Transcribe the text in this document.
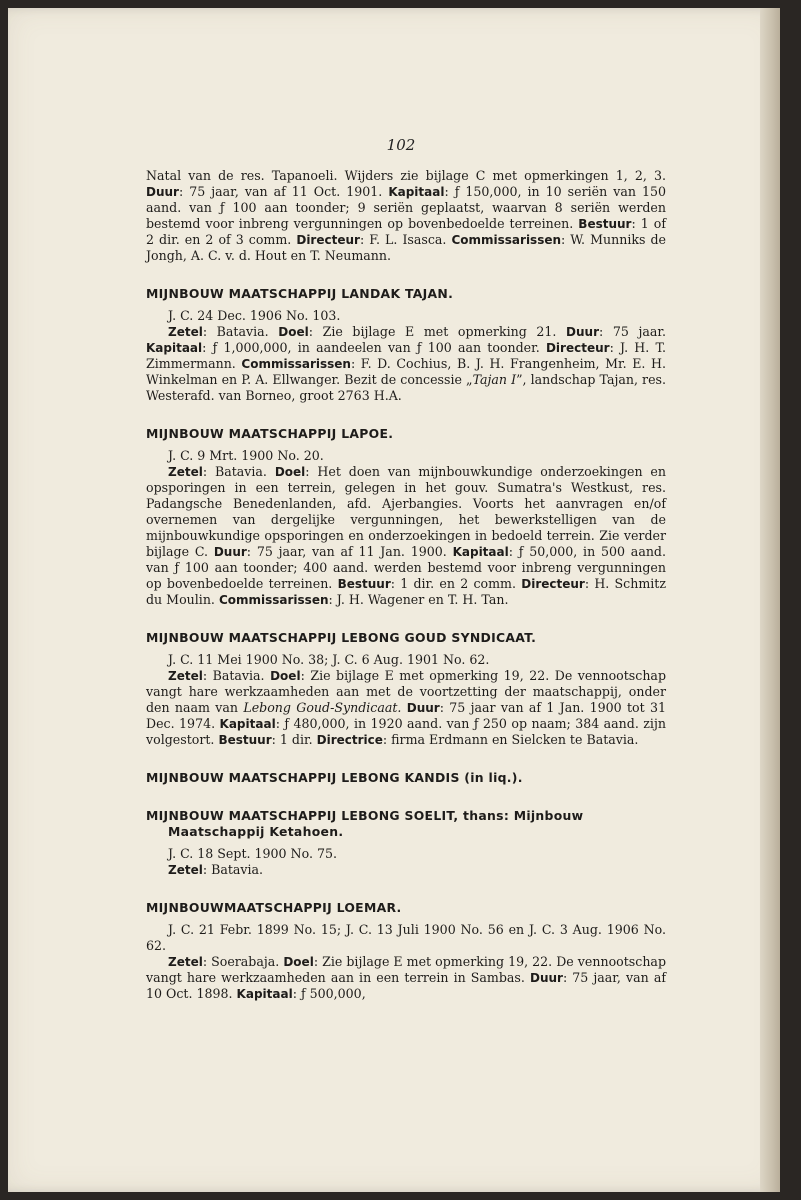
102

Natal van de res. Tapanoeli. Wijders zie bijlage C met opmerkingen 1, 2, 3. Duur: 75 jaar, van af 11 Oct. 1901. Kapitaal: ƒ 150,000, in 10 seriën van 150 aand. van ƒ 100 aan toonder; 9 seriën geplaatst, waarvan 8 seriën werden bestemd voor inbreng vergunningen op bovenbedoelde terreinen. Bestuur: 1 of 2 dir. en 2 of 3 comm. Directeur: F. L. Isasca. Commissarissen: W. Munniks de Jongh, A. C. v. d. Hout en T. Neumann.

MIJNBOUW MAATSCHAPPIJ LANDAK TAJAN.

J. C. 24 Dec. 1906 No. 103.

Zetel: Batavia. Doel: Zie bijlage E met opmerking 21. Duur: 75 jaar. Kapitaal: ƒ 1,000,000, in aandeelen van ƒ 100 aan toonder. Directeur: J. H. T. Zimmermann. Commissarissen: F. D. Cochius, B. J. H. Frangenheim, Mr. E. H. Winkelman en P. A. Ellwanger. Bezit de concessie „Tajan I”, landschap Tajan, res. Westerafd. van Borneo, groot 2763 H.A.

MIJNBOUW MAATSCHAPPIJ LAPOE.

J. C. 9 Mrt. 1900 No. 20.

Zetel: Batavia. Doel: Het doen van mijnbouwkundige onderzoekingen en opsporingen in een terrein, gelegen in het gouv. Sumatra's Westkust, res. Padangsche Benedenlanden, afd. Ajerbangies. Voorts het aanvragen en/of overnemen van dergelijke vergunningen, het bewerkstelligen van de mijnbouwkundige opsporingen en onderzoekingen in bedoeld terrein. Zie verder bijlage C. Duur: 75 jaar, van af 11 Jan. 1900. Kapitaal: ƒ 50,000, in 500 aand. van ƒ 100 aan toonder; 400 aand. werden bestemd voor inbreng vergunningen op bovenbedoelde terreinen. Bestuur: 1 dir. en 2 comm. Directeur: H. Schmitz du Moulin. Commissarissen: J. H. Wagener en T. H. Tan.

MIJNBOUW MAATSCHAPPIJ LEBONG GOUD SYNDICAAT.

J. C. 11 Mei 1900 No. 38; J. C. 6 Aug. 1901 No. 62.

Zetel: Batavia. Doel: Zie bijlage E met opmerking 19, 22. De vennootschap vangt hare werkzaamheden aan met de voortzetting der maatschappij, onder den naam van Lebong Goud-Syndicaat. Duur: 75 jaar van af 1 Jan. 1900 tot 31 Dec. 1974. Kapitaal: ƒ 480,000, in 1920 aand. van ƒ 250 op naam; 384 aand. zijn volgestort. Bestuur: 1 dir. Directrice: firma Erdmann en Sielcken te Batavia.

MIJNBOUW MAATSCHAPPIJ LEBONG KANDIS (in liq.).
MIJNBOUW MAATSCHAPPIJ LEBONG SOELIT, thans: Mijnbouw Maatschappij Ketahoen.

J. C. 18 Sept. 1900 No. 75.

Zetel: Batavia.

MIJNBOUWMAATSCHAPPIJ LOEMAR.

J. C. 21 Febr. 1899 No. 15; J. C. 13 Juli 1900 No. 56 en J. C. 3 Aug. 1906 No. 62.

Zetel: Soerabaja. Doel: Zie bijlage E met opmerking 19, 22. De vennootschap vangt hare werkzaamheden aan in een terrein in Sambas. Duur: 75 jaar, van af 10 Oct. 1898. Kapitaal: ƒ 500,000,
